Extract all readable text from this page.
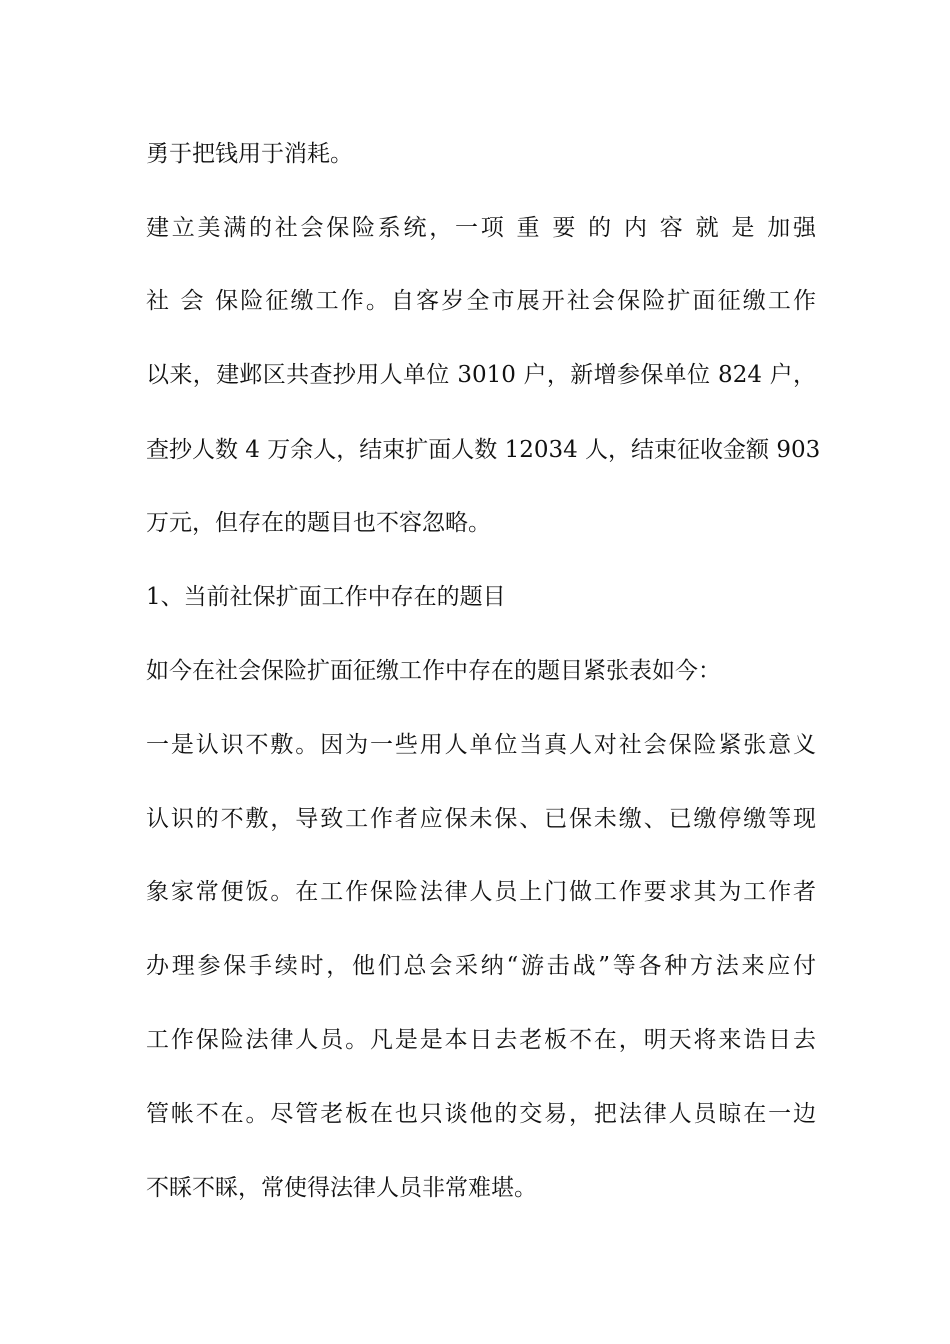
勇于把钱用于消耗。

建立美满的社会保险系统，一项 重 要 的 内 容 就 是 加强

社 会 保险征缴工作。自客岁全市展开社会保险扩面征缴工作

以来，建邺区共查抄用人单位 3010 户，新增参保单位 824 户，

查抄人数 4 万余人，结束扩面人数 12034 人，结束征收金额 903

万元，但存在的题目也不容忽略。

1、当前社保扩面工作中存在的题目

如今在社会保险扩面征缴工作中存在的题目紧张表如今：

一是认识不敷。因为一些用人单位当真人对社会保险紧张意义

认识的不敷，导致工作者应保未保、已保未缴、已缴停缴等现

象家常便饭。在工作保险法律人员上门做工作要求其为工作者

办理参保手续时，他们总会采纳“游击战”等各种方法来应付

工作保险法律人员。凡是是本日去老板不在，明天将来诰日去

管帐不在。尽管老板在也只谈他的交易，把法律人员晾在一边

不睬不睬，常使得法律人员非常难堪。
